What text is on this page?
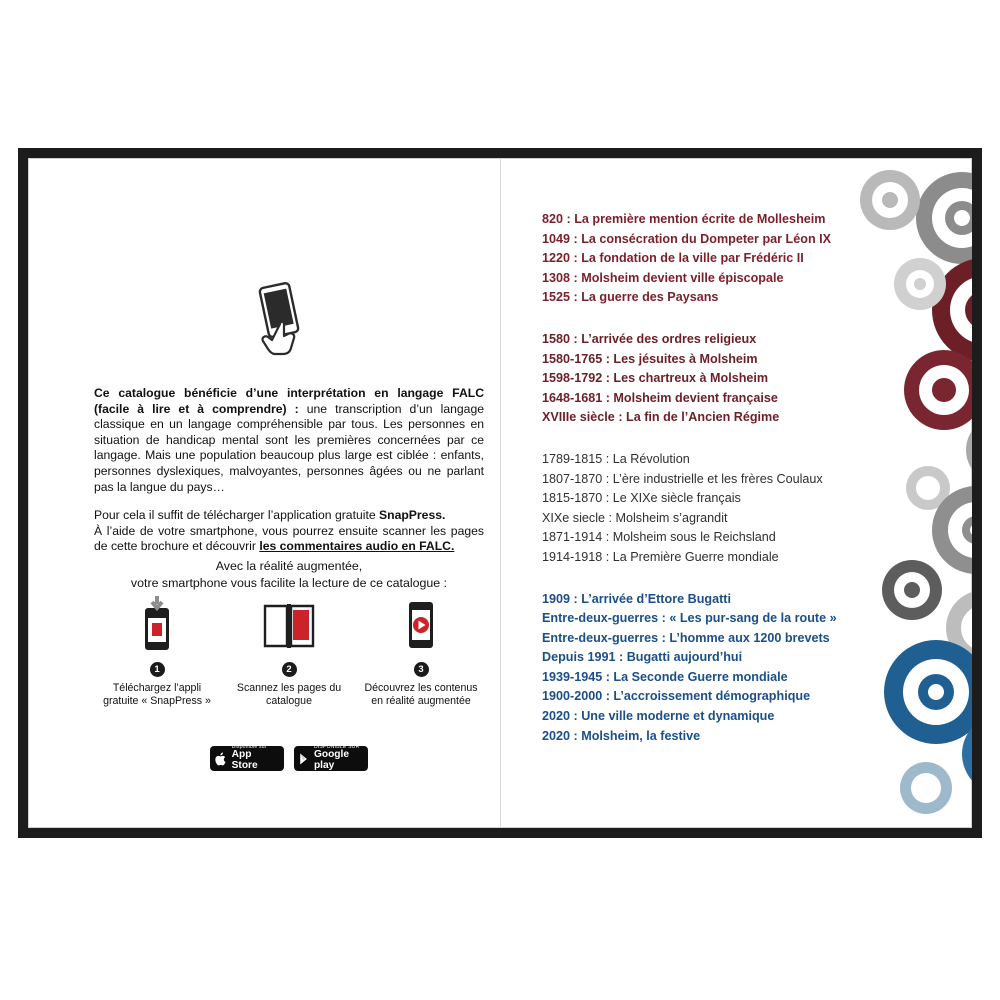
Ce catalogue bénéficie d’une interprétation en langage FALC (facile à lire et à comprendre) : une transcription d’un langage classique en un langage compréhensible par tous. Les personnes en situation de handicap mental sont les premières concernées par ce langage. Mais une population beaucoup plus large est ciblée : enfants, personnes dyslexiques, malvoyantes, personnes âgées ou ne parlant pas la langue du pays…
Pour cela il suffit de télécharger l’application gratuite SnapPress.
À l’aide de votre smartphone, vous pourrez ensuite scanner les pages de cette brochure et découvrir les commentaires audio en FALC.
Avec la réalité augmentée,
votre smartphone vous facilite la lecture de ce catalogue :
1
Téléchargez l’appli gratuite « SnapPress »
2
Scannez les pages du catalogue
3
Découvrez les contenus en réalité augmentée
Disponible sur
App Store
DISPONIBLE SUR
Google play
820 : La première mention écrite de Mollesheim
1049 : La consécration du Dompeter par Léon IX
1220 : La fondation de la ville par Frédéric II
1308 : Molsheim devient ville épiscopale
1525 : La guerre des Paysans
1580 : L’arrivée des ordres religieux
1580-1765 : Les jésuites à Molsheim
1598-1792 : Les chartreux à Molsheim
1648-1681 : Molsheim devient française
XVIIIe siècle : La fin de l’Ancien Régime
1789-1815 : La Révolution
1807-1870 : L’ère industrielle et les frères Coulaux
1815-1870 : Le XIXe siècle français
XIXe siecle : Molsheim s’agrandit
1871-1914 : Molsheim sous le Reichsland
1914-1918 : La Première Guerre mondiale
1909 : L’arrivée d’Ettore Bugatti
Entre-deux-guerres : « Les pur-sang de la route »
Entre-deux-guerres : L’homme aux 1200 brevets
Depuis 1991 : Bugatti aujourd’hui
1939-1945 : La Seconde Guerre mondiale
1900-2000 : L’accroissement démographique
2020 : Une ville moderne et dynamique
2020 : Molsheim, la festive
